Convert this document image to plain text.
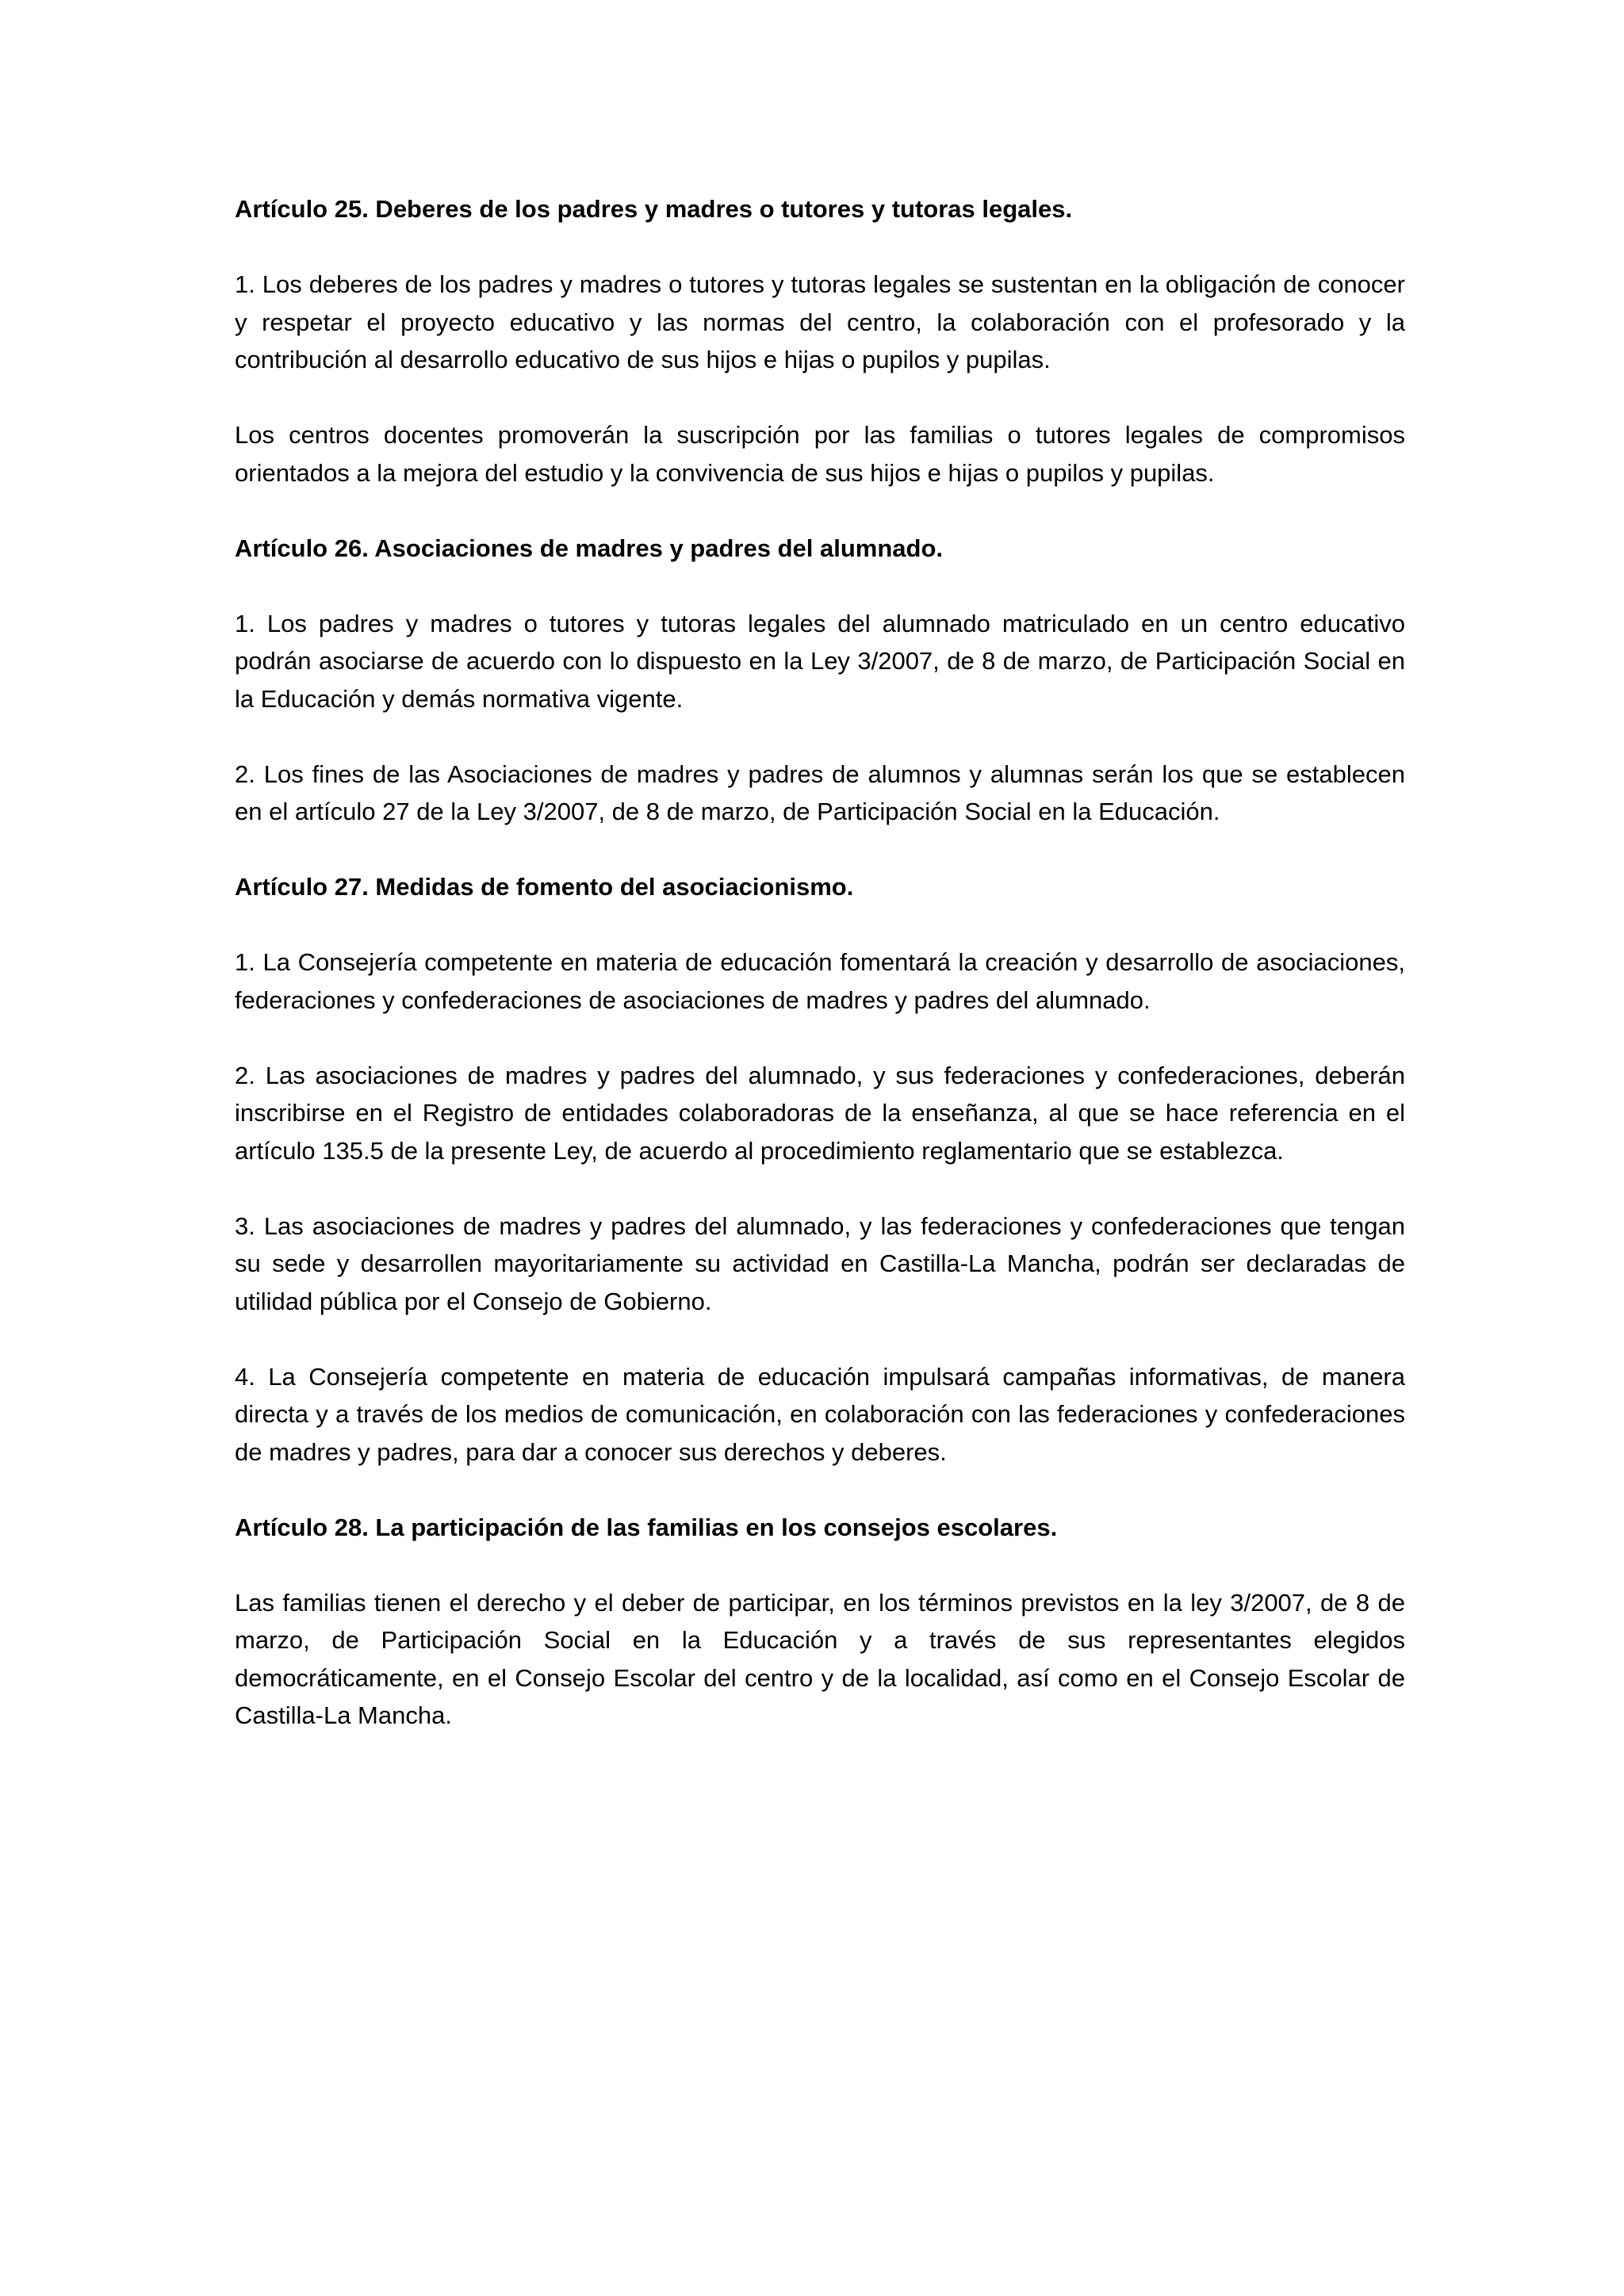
Artículo 25. Deberes de los padres y madres o tutores y tutoras legales.

1. Los deberes de los padres y madres o tutores y tutoras legales se sustentan en la obligación de conocer y respetar el proyecto educativo y las normas del centro, la colaboración con el profesorado y la contribución al desarrollo educativo de sus hijos e hijas o pupilos y pupilas.

Los centros docentes promoverán la suscripción por las familias o tutores legales de compromisos orientados a la mejora del estudio y la convivencia de sus hijos e hijas o pupilos y pupilas.

Artículo 26. Asociaciones de madres y padres del alumnado.

1. Los padres y madres o tutores y tutoras legales del alumnado matriculado en un centro educativo podrán asociarse de acuerdo con lo dispuesto en la Ley 3/2007, de 8 de marzo, de Participación Social en la Educación y demás normativa vigente.

2. Los fines de las Asociaciones de madres y padres de alumnos y alumnas serán los que se establecen en el artículo 27 de la Ley 3/2007, de 8 de marzo, de Participación Social en la Educación.

Artículo 27. Medidas de fomento del asociacionismo.

1. La Consejería competente en materia de educación fomentará la creación y desarrollo de asociaciones, federaciones y confederaciones de asociaciones de madres y padres del alumnado.

2. Las asociaciones de madres y padres del alumnado, y sus federaciones y confederaciones, deberán inscribirse en el Registro de entidades colaboradoras de la enseñanza, al que se hace referencia en el artículo 135.5 de la presente Ley, de acuerdo al procedimiento reglamentario que se establezca.

3. Las asociaciones de madres y padres del alumnado, y las federaciones y confederaciones que tengan su sede y desarrollen mayoritariamente su actividad en Castilla-La Mancha, podrán ser declaradas de utilidad pública por el Consejo de Gobierno.

4. La Consejería competente en materia de educación impulsará campañas informativas, de manera directa y a través de los medios de comunicación, en colaboración con las federaciones y confederaciones de madres y padres, para dar a conocer sus derechos y deberes.

Artículo 28. La participación de las familias en los consejos escolares.

Las familias tienen el derecho y el deber de participar, en los términos previstos en la ley 3/2007, de 8 de marzo, de Participación Social en la Educación y a través de sus representantes elegidos democráticamente, en el Consejo Escolar del centro y de la localidad, así como en el Consejo Escolar de Castilla-La Mancha.
